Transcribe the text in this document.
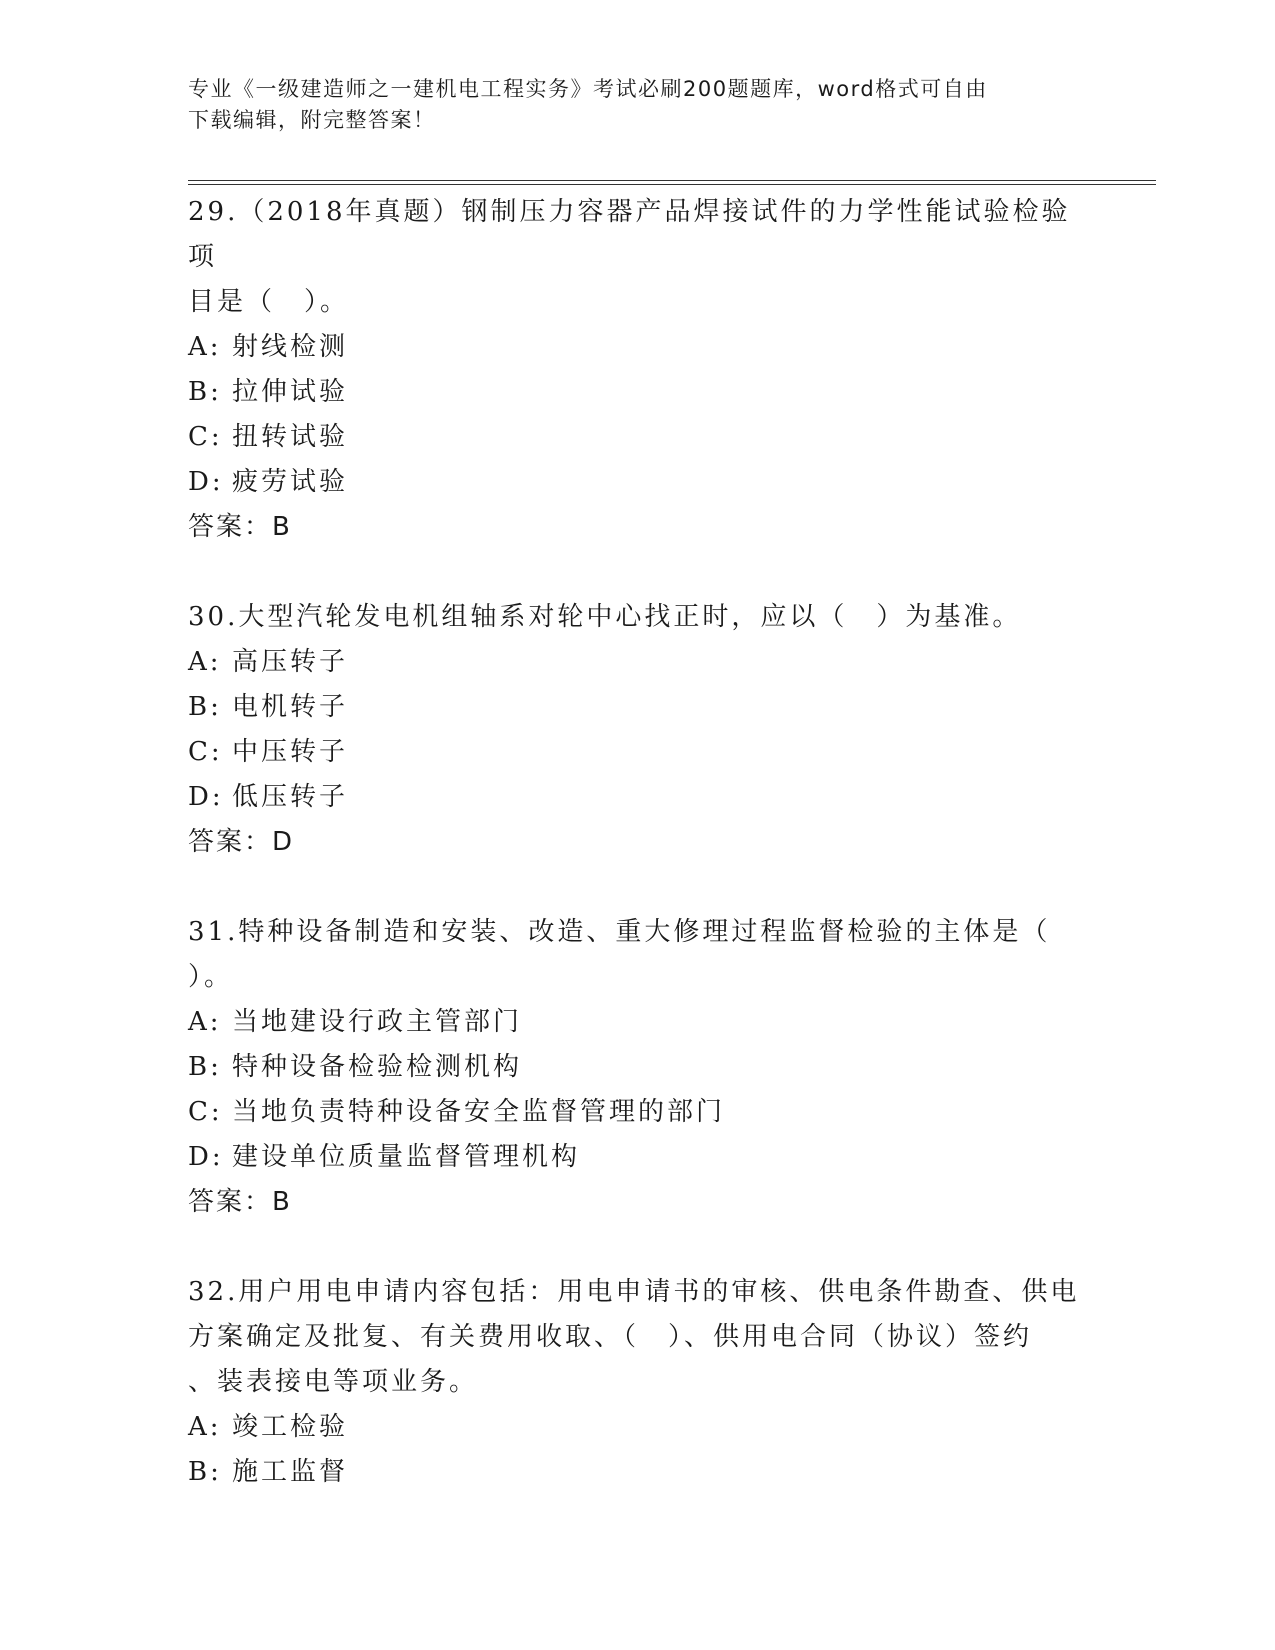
专业《一级建造师之一建机电工程实务》考试必刷200题题库，word格式可自由
下载编辑，附完整答案！

29.（2018年真题）钢制压力容器产品焊接试件的力学性能试验检验项

目是（　）。

A: 射线检测

B: 拉伸试验

C: 扭转试验

D: 疲劳试验

答案：B

30.大型汽轮发电机组轴系对轮中心找正时，应以（　）为基准。

A: 高压转子

B: 电机转子

C: 中压转子

D: 低压转子

答案：D

31.特种设备制造和安装、改造、重大修理过程监督检验的主体是（

）。

A: 当地建设行政主管部门

B: 特种设备检验检测机构

C: 当地负责特种设备安全监督管理的部门

D: 建设单位质量监督管理机构

答案：B

32.用户用电申请内容包括：用电申请书的审核、供电条件勘查、供电

方案确定及批复、有关费用收取、（　）、供用电合同（协议）签约

、装表接电等项业务。

A: 竣工检验

B: 施工监督
